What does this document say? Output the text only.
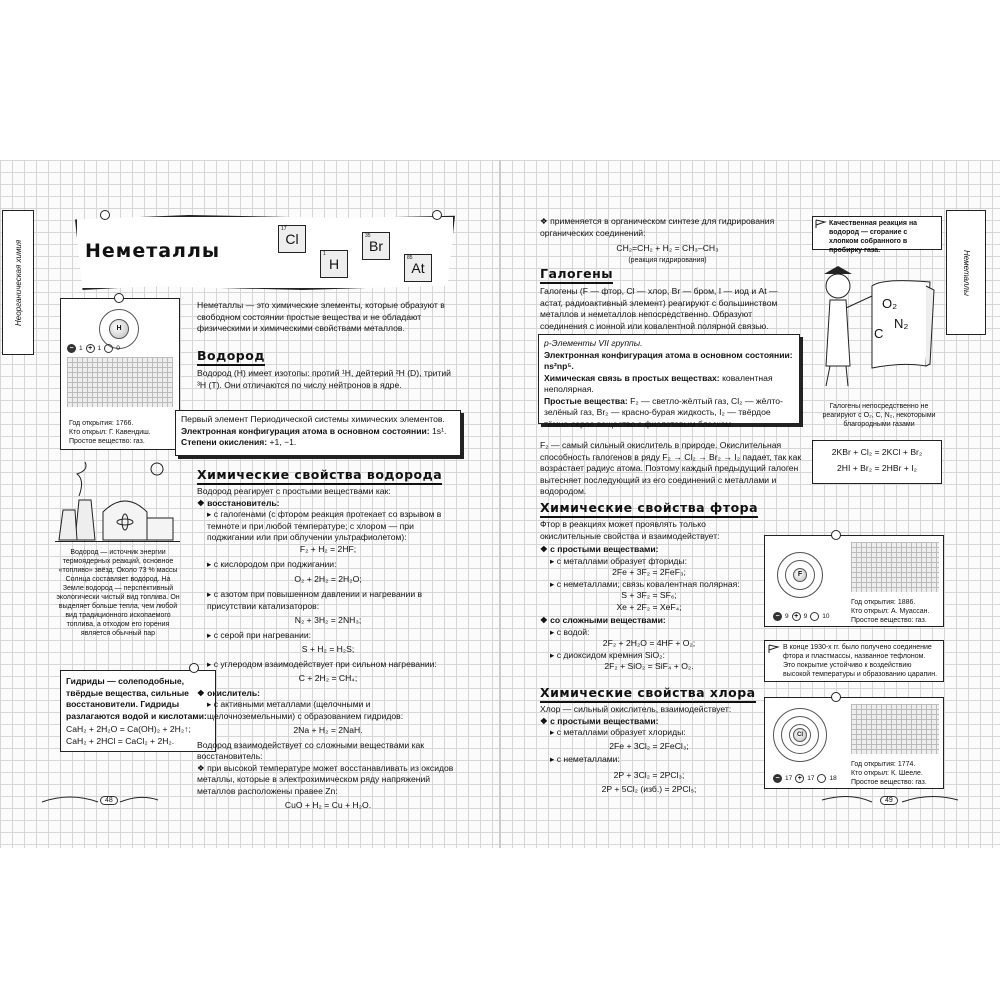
Неорганическая химия	Неметаллы
17
Cl
1
H
35
Br
85
At
H
− 1 + 1 0
Год открытия: 1766.
Кто открыл: Г. Кавендиш.
Простое вещество: газ.
Неметаллы — это химические элементы, которые образуют в свободном состоянии простые вещества и не обладают физическими и химическими свойствами металлов.
Водород
Водород (Н) имеет изотопы: протий ¹H, дейтерий ²H (D), тритий ³H (T). Они отличаются по числу нейтронов в ядре.
Первый элемент Периодической системы химических элементов.
Электронная конфигурация атома в основном состоянии: 1s¹.
Степени окисления: +1, −1.
Водород — источник энергии термоядерных реакций, основное «топливо» звёзд. Около 73 % массы Солнца составляет водород. На Земле водород — перспективный экологически чистый вид топлива. Он выделяет больше тепла, чем любой вид традиционного ископаемого топлива, а отходом его горения является обычный пар
Гидриды — солеподобные, твёрдые вещества, сильные восстановители. Гидриды разлагаются водой и кислотами:
CaH₂ + 2H₂O = Ca(OH)₂ + 2H₂↑;
CaH₂ + 2HCl = CaCl₂ + 2H₂.
Химические свойства водорода
Водород реагирует с простыми веществами как:
❖ восстановитель:
▸ с галогенами (с фтором реакция протекает со взрывом в темноте и при любой температуре; с хлором — при поджигании или при облучении ультрафиолетом):
F₂ + H₂ = 2HF;
▸ с кислородом при поджигании:
O₂ + 2H₂ = 2H₂O;
▸ с азотом при повышенном давлении и нагревании в присутствии катализаторов:
N₂ + 3H₂ = 2NH₃;
▸ с серой при нагревании:
S + H₂ = H₂S;
▸ с углеродом взаимодействует при сильном нагревании:
C + 2H₂ = CH₄;
❖ окислитель:
▸ с активными металлами (щелочными и щелочноземельными) с образованием гидридов:
2Na + H₂ = 2NaH.
Водород взаимодействует со сложными веществами как восстановитель:
❖ при высокой температуре может восстанавливать из оксидов металлы, которые в электрохимическом ряду напряжений металлов расположены правее Zn:
CuO + H₂ = Cu + H₂O.
48
Неметаллы
❖ применяется в органическом синтезе для гидрирования органических соединений:
CH₂=CH₂ + H₂ = CH₃–CH₃
(реакция гидрирования)
Галогены
Галогены (F — фтор, Cl — хлор, Br — бром, I — иод и At — астат, радиоактивный элемент) реагируют с большинством металлов и неметаллов непосредственно. Образуют соединения с ионной или ковалентной полярной связью.
p-Элементы VII группы.
Электронная конфигурация атома в основном состоянии: ns²np⁵.
Химическая связь в простых веществах: ковалентная неполярная.
Простые вещества: F₂ — светло-жёлтый газ, Cl₂ — жёлто-зелёный газ, Br₂ — красно-бурая жидкость, I₂ — твёрдое тёмно-серое вещество с фиолетовым блеском.
F₂ — самый сильный окислитель в природе. Окислительная способность галогенов в ряду F₂ → Cl₂ → Br₂ → I₂ падает, так как возрастает радиус атома. Поэтому каждый предыдущий галоген вытесняет последующий из его соединений с металлами и водородом.
Качественная реакция на водород — сгорание с хлопком собранного в пробирку газа.
O₂
N₂
C
Галогены непосредственно не реагируют с O₂, C, N₂, некоторыми благородными газами
2KBr + Cl₂ = 2KCl + Br₂
2HI + Br₂ = 2HBr + I₂
Химические свойства фтора
Фтор в реакциях может проявлять только окислительные свойства и взаимодействует:
❖ с простыми веществами:
▸ с металлами образует фториды:
2Fe + 3F₂ = 2FeF₃;
▸ с неметаллами; связь ковалентная полярная:
S + 3F₂ = SF₆;
Xe + 2F₂ = XeF₄;
❖ со сложными веществами:
▸ с водой:
2F₂ + 2H₂O = 4HF + O₂;
▸ с диоксидом кремния SiO₂:
2F₂ + SiO₂ = SiF₄ + O₂.
F
− 9 + 9 10
Год открытия: 1886.
Кто открыл: А. Муассан.
Простое вещество: газ.
В конце 1930-х гг. было получено соединение фтора и пластмассы, названное тефлоном. Это покрытие устойчиво к воздействию высокой температуры и образованию царапин.
Химические свойства хлора
Хлор — сильный окислитель, взаимодействует:
❖ с простыми веществами:
▸ с металлами образует хлориды:
2Fe + 3Cl₂ = 2FeCl₃;
▸ с неметаллами:
2P + 3Cl₂ = 2PCl₃;
2P + 5Cl₂ (изб.) = 2PCl₅;
Cl
− 17 + 17 18
Год открытия: 1774.
Кто открыл: К. Шееле.
Простое вещество: газ.
49
